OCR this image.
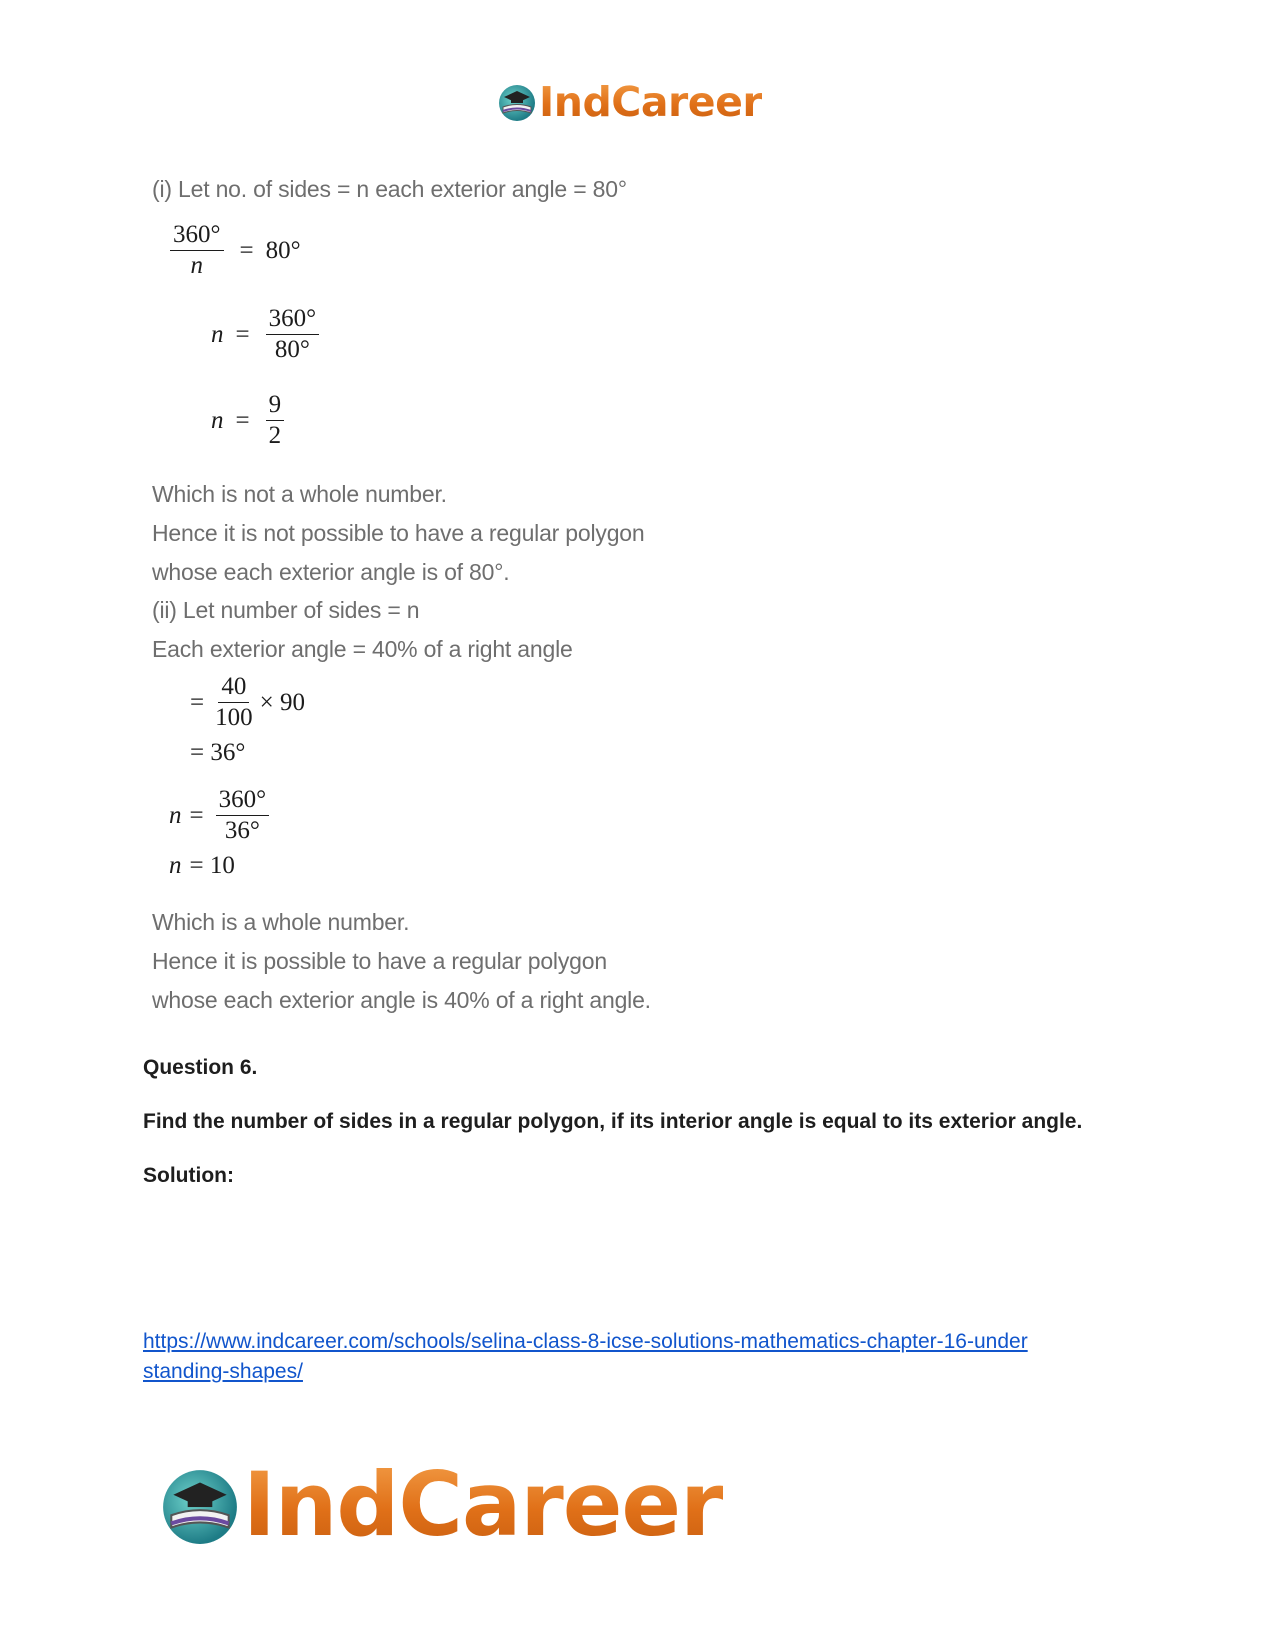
IndCareer
(i) Let no. of sides = n each exterior angle = 80°
$\frac{360^\circ}{n} = 80^\circ$
$n = \frac{360^\circ}{80^\circ}$
$n = \frac{9}{2}$
Which is not a whole number.
Hence it is not possible to have a regular polygon
whose each exterior angle is of 80°.
(ii) Let number of sides = n
Each exterior angle = 40% of a right angle
= $\frac{40}{100} \times 90$
= 36°
$n = \frac{360^\circ}{36^\circ}$
n = 10
Which is a whole number.
Hence it is possible to have a regular polygon
whose each exterior angle is 40% of a right angle.
Question 6.
Find the number of sides in a regular polygon, if its interior angle is equal to its exterior angle.
Solution:
https://www.indcareer.com/schools/selina-class-8-icse-solutions-mathematics-chapter-16-under
standing-shapes/
IndCareer
